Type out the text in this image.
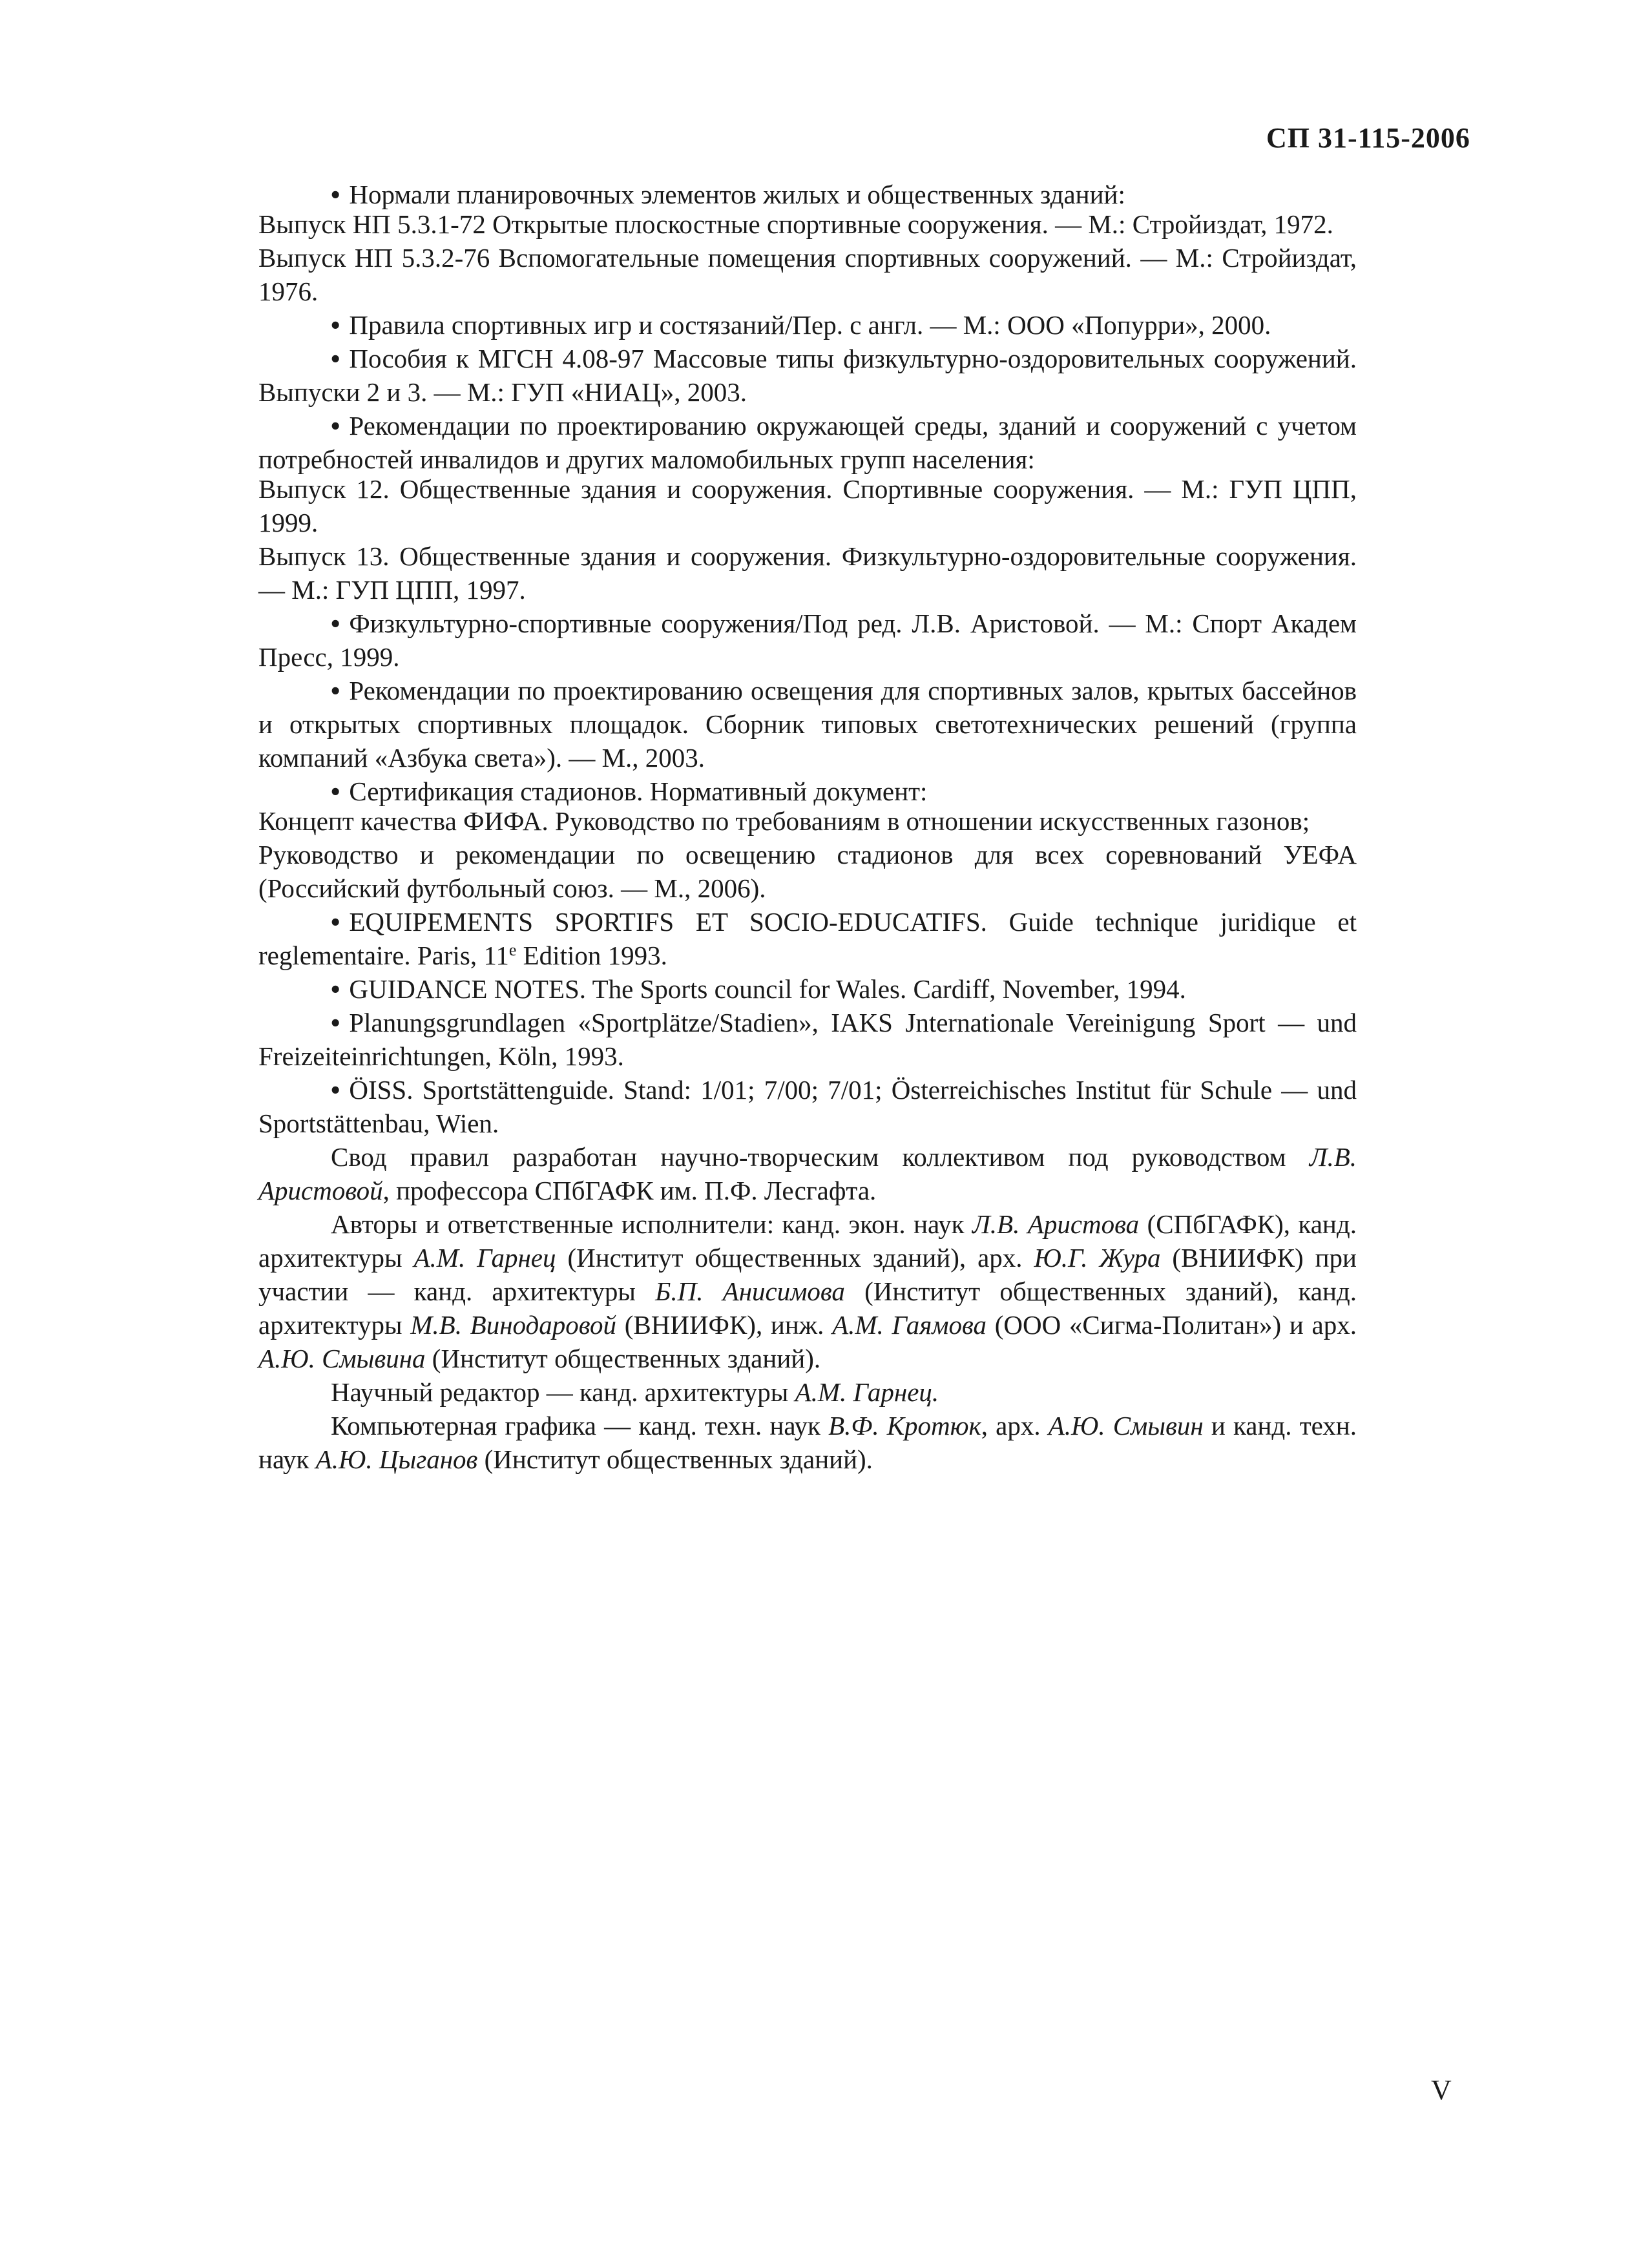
СП 31-115-2006

• Нормали планировочных элементов жилых и общественных зданий:

Выпуск НП 5.3.1-72 Открытые плоскостные спортивные сооружения. — М.: Стройиздат, 1972.

Выпуск НП 5.3.2-76 Вспомогательные помещения спортивных сооружений. — М.: Стройиздат, 1976.

• Правила спортивных игр и состязаний/Пер. с англ. — М.: ООО «Попурри», 2000.

• Пособия к МГСН 4.08-97 Массовые типы физкультурно-оздоровительных сооружений. Выпуски 2 и 3. — М.: ГУП «НИАЦ», 2003.

• Рекомендации по проектированию окружающей среды, зданий и сооружений с учетом потребностей инвалидов и других маломобильных групп населения:

Выпуск 12. Общественные здания и сооружения. Спортивные сооружения. — М.: ГУП ЦПП, 1999.

Выпуск 13. Общественные здания и сооружения. Физкультурно-оздоровительные сооружения. — М.: ГУП ЦПП, 1997.

• Физкультурно-спортивные сооружения/Под ред. Л.В. Аристовой. — М.: Спорт Академ Пресс, 1999.

• Рекомендации по проектированию освещения для спортивных залов, крытых бассейнов и открытых спортивных площадок. Сборник типовых светотехнических решений (группа компаний «Азбука света»). — М., 2003.

• Сертификация стадионов. Нормативный документ:

Концепт качества ФИФА. Руководство по требованиям в отношении искусственных газонов;

Руководство и рекомендации по освещению стадионов для всех соревнований УЕФА (Российский футбольный союз. — М., 2006).

• EQUIPEMENTS SPORTIFS ET SOCIO-EDUCATIFS. Guide technique juridique et reglementaire. Paris, 11e Edition 1993.

• GUIDANCE NOTES. The Sports council for Wales. Cardiff, November, 1994.

• Planungsgrundlagen «Sportplätze/Stadien», IAKS Jnternationale Vereinigung Sport — und Freizeiteinrichtungen, Köln, 1993.

• ÖISS. Sportstättenguide. Stand: 1/01; 7/00; 7/01; Österreichisches Institut für Schule — und Sportstättenbau, Wien.

Свод правил разработан научно-творческим коллективом под руководством Л.В. Аристовой, профессора СПбГАФК им. П.Ф. Лесгафта.

Авторы и ответственные исполнители: канд. экон. наук Л.В. Аристова (СПбГАФК), канд. архитектуры А.М. Гарнец (Институт общественных зданий), арх. Ю.Г. Жура (ВНИИФК) при участии — канд. архитектуры Б.П. Анисимова (Институт общественных зданий), канд. архитектуры М.В. Винодаровой (ВНИИФК), инж. А.М. Гаямова (ООО «Сигма-Политан») и арх. А.Ю. Смывина (Институт общественных зданий).

Научный редактор — канд. архитектуры А.М. Гарнец.

Компьютерная графика — канд. техн. наук В.Ф. Кротюк, арх. А.Ю. Смывин и канд. техн. наук А.Ю. Цыганов (Институт общественных зданий).

V
